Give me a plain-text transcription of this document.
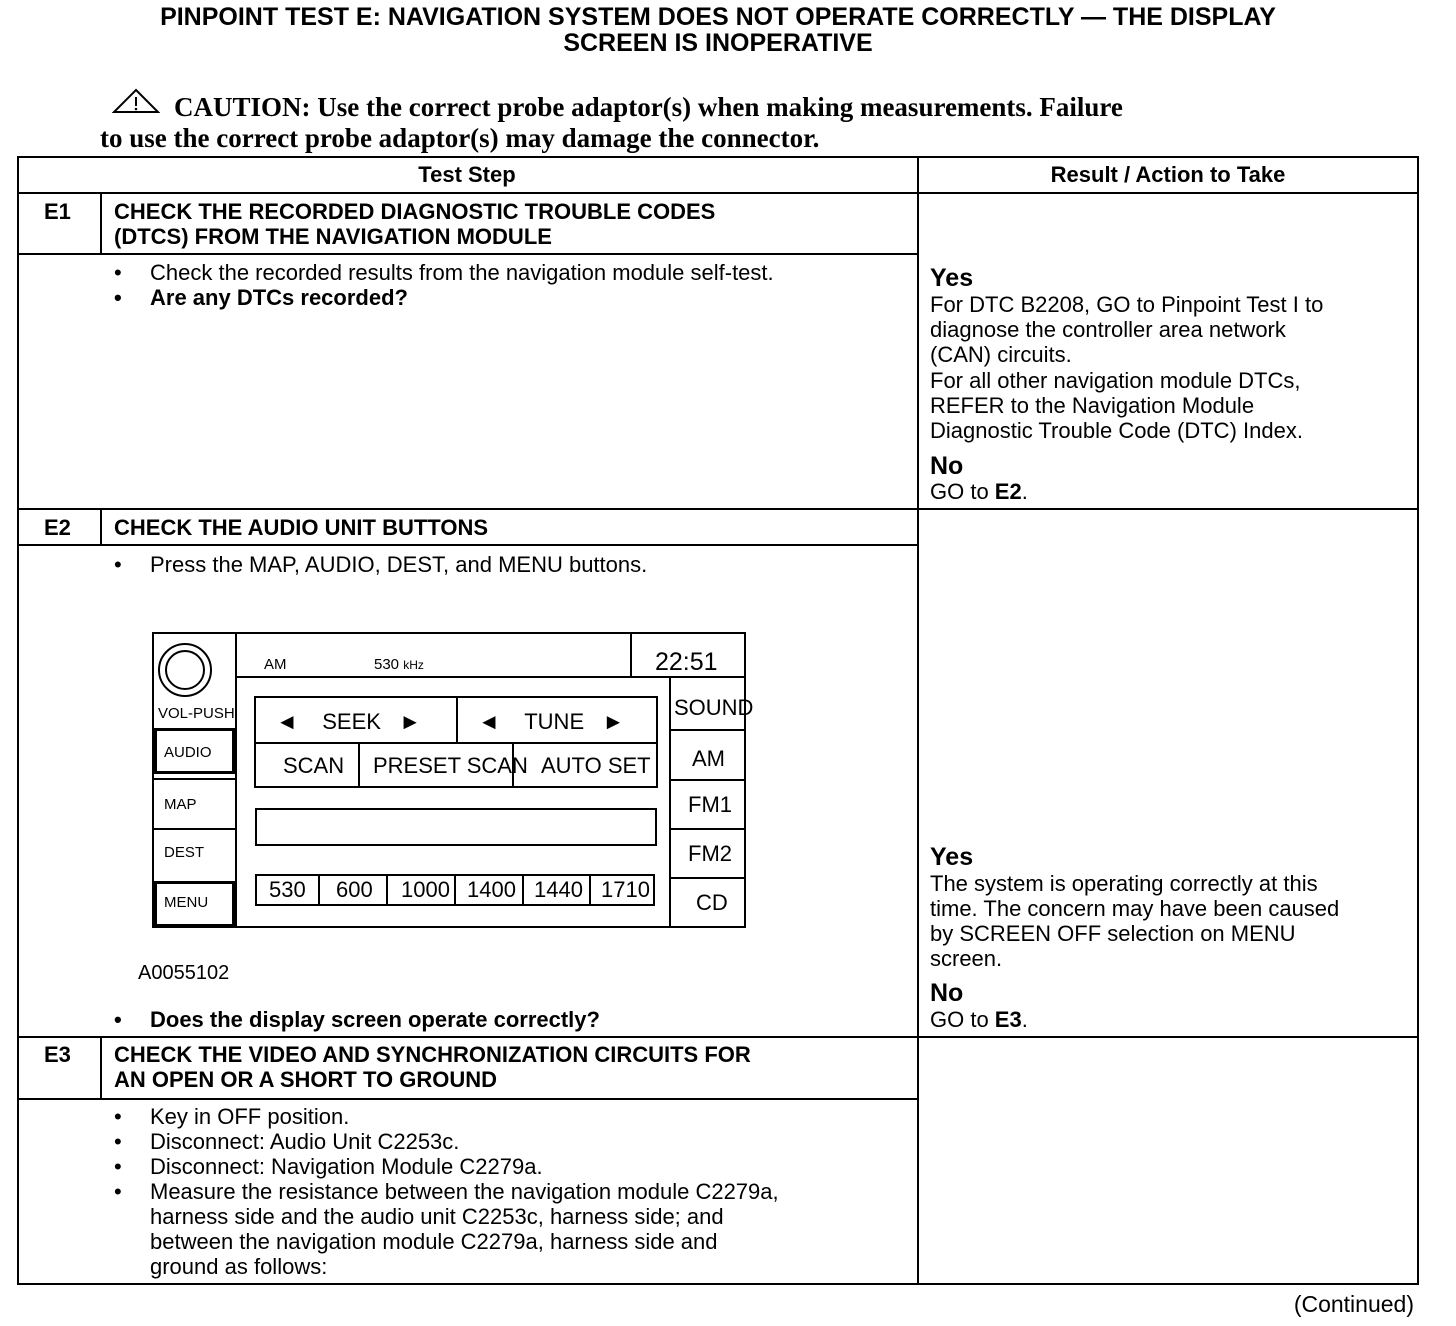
PINPOINT TEST E: NAVIGATION SYSTEM DOES NOT OPERATE CORRECTLY — THE DISPLAY
SCREEN IS INOPERATIVE
CAUTION: Use the correct probe adaptor(s) when making measurements. Failure
to use the correct probe adaptor(s) may damage the connector.
Test Step	Result / Action to Take
E1 CHECK THE RECORDED DIAGNOSTIC TROUBLE CODES
(DTCS) FROM THE NAVIGATION MODULE
• Check the recorded results from the navigation module self-test.
• Are any DTCs recorded?
Yes
For DTC B2208, GO to Pinpoint Test I to
diagnose the controller area network
(CAN) circuits.
For all other navigation module DTCs,
REFER to the Navigation Module
Diagnostic Trouble Code (DTC) Index.
No
GO to E2.
E2 CHECK THE AUDIO UNIT BUTTONS
• Press the MAP, AUDIO, DEST, and MENU buttons.
• Does the display screen operate correctly?
Yes
The system is operating correctly at this
time. The concern may have been caused
by SCREEN OFF selection on MENU
screen.
No
GO to E3.
E3 CHECK THE VIDEO AND SYNCHRONIZATION CIRCUITS FOR
AN OPEN OR A SHORT TO GROUND
• Key in OFF position.
• Disconnect: Audio Unit C2253c.
• Disconnect: Navigation Module C2279a.
• Measure the resistance between the navigation module C2279a,
harness side and the audio unit C2253c, harness side; and
between the navigation module C2279a, harness side and
ground as follows:
VOL-PUSH
AUDIO
MAP
DEST
MENU
AM	530 kHz	22:51
◄    SEEK   ►	◄    TUNE   ►
SCAN PRESET SCAN AUTO SET
530 600 1000 1400 1440 1710
SOUND
AM
FM1
FM2
CD
A0055102
(Continued)
